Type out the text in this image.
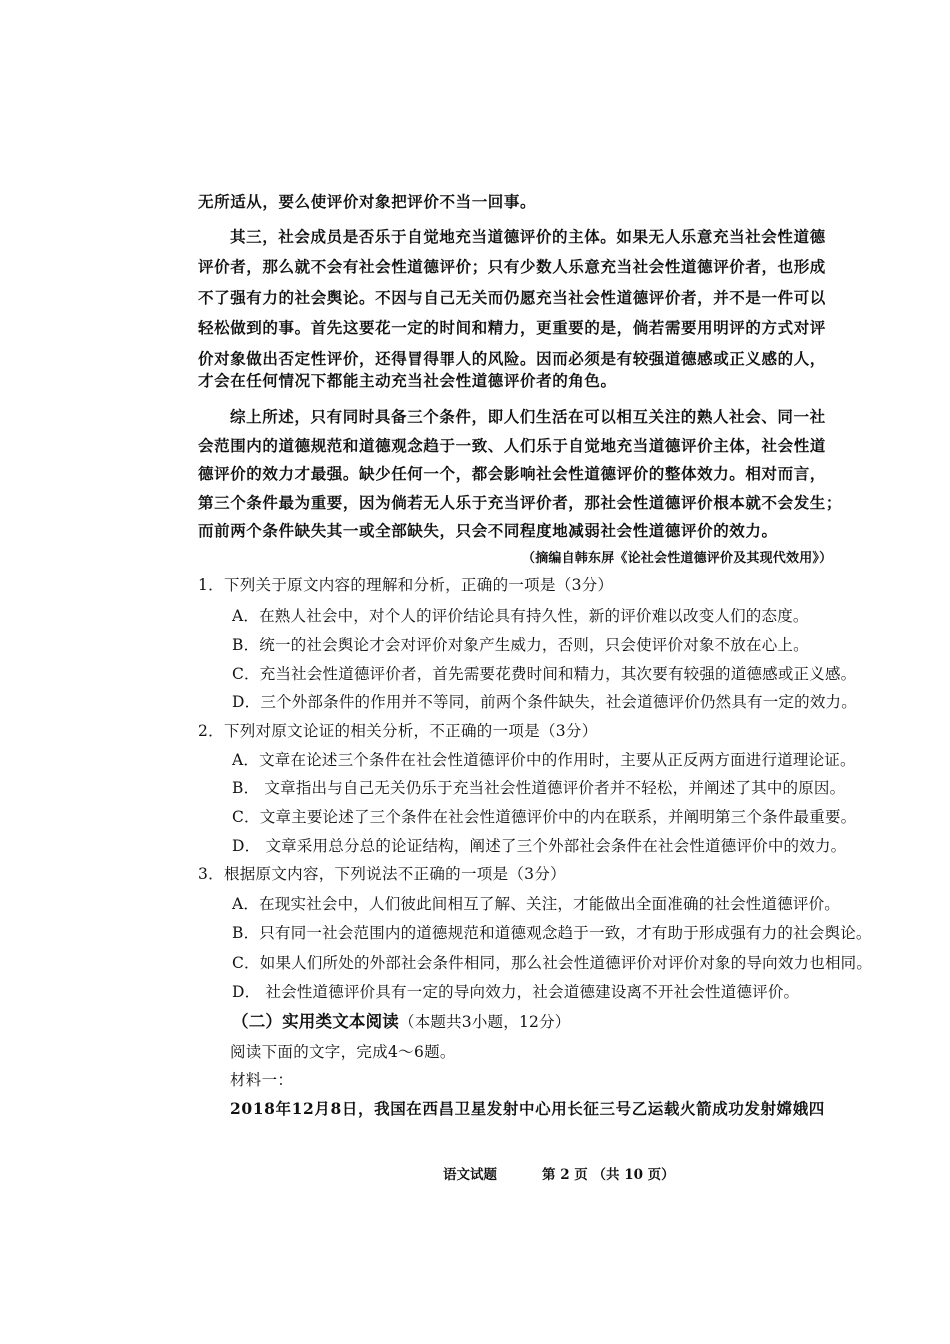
无所适从，要么使评价对象把评价不当一回事。
其三，社会成员是否乐于自觉地充当道德评价的主体。如果无人乐意充当社会性道德
评价者，那么就不会有社会性道德评价；只有少数人乐意充当社会性道德评价者，也形成
不了强有力的社会舆论。不因与自己无关而仍愿充当社会性道德评价者，并不是一件可以
轻松做到的事。首先这要花一定的时间和精力，更重要的是，倘若需要用明评的方式对评
价对象做出否定性评价，还得冒得罪人的风险。因而必须是有较强道德感或正义感的人，
才会在任何情况下都能主动充当社会性道德评价者的角色。
综上所述，只有同时具备三个条件，即人们生活在可以相互关注的熟人社会、同一社
会范围内的道德规范和道德观念趋于一致、人们乐于自觉地充当道德评价主体，社会性道
德评价的效力才最强。缺少任何一个，都会影响社会性道德评价的整体效力。相对而言，
第三个条件最为重要，因为倘若无人乐于充当评价者，那社会性道德评价根本就不会发生；
而前两个条件缺失其一或全部缺失，只会不同程度地减弱社会性道德评价的效力。
（摘编自韩东屏《论社会性道德评价及其现代效用》）
1．下列关于原文内容的理解和分析，正确的一项是（3分）
A．在熟人社会中，对个人的评价结论具有持久性，新的评价难以改变人们的态度。
B．统一的社会舆论才会对评价对象产生威力，否则，只会使评价对象不放在心上。
C．充当社会性道德评价者，首先需要花费时间和精力，其次要有较强的道德感或正义感。
D．三个外部条件的作用并不等同，前两个条件缺失，社会道德评价仍然具有一定的效力。
2．下列对原文论证的相关分析，不正确的一项是（3分）
A．文章在论述三个条件在社会性道德评价中的作用时，主要从正反两方面进行道理论证。
B． 文章指出与自己无关仍乐于充当社会性道德评价者并不轻松，并阐述了其中的原因。
C．文章主要论述了三个条件在社会性道德评价中的内在联系，并阐明第三个条件最重要。
D． 文章采用总分总的论证结构，阐述了三个外部社会条件在社会性道德评价中的效力。
3．根据原文内容，下列说法不正确的一项是（3分）
A．在现实社会中，人们彼此间相互了解、关注，才能做出全面准确的社会性道德评价。
B．只有同一社会范围内的道德规范和道德观念趋于一致，才有助于形成强有力的社会舆论。
C．如果人们所处的外部社会条件相同，那么社会性道德评价对评价对象的导向效力也相同。
D． 社会性道德评价具有一定的导向效力，社会道德建设离不开社会性道德评价。
（二）实用类文本阅读（本题共3小题，12分）
阅读下面的文字，完成4～6题。
材料一：
2018年12月8日，我国在西昌卫星发射中心用长征三号乙运载火箭成功发射嫦娥四
语文试题	第 2 页 （共 10 页）
